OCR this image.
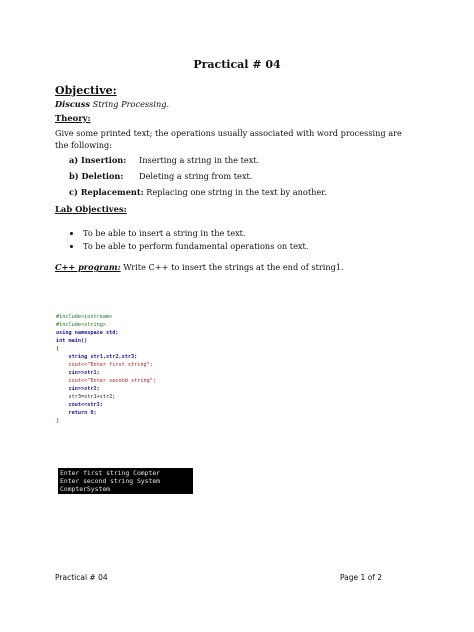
Practical # 04
Objective:
Discuss String Processing.
Theory:
Give some printed text; the operations usually associated with word processing are the following:
a) Insertion: Inserting a string in the text.
b) Deletion: Deleting a string from text.
c) Replacement: Replacing one string in the text by another.
Lab Objectives:
To be able to insert a string in the text.
To be able to perform fundamental operations on text.
C++ program: Write C++ to insert the strings at the end of string1.
#include<iostream>
#include<string>
using namespace std;
int main()
{
string str1,str2,str3;
cout<<"Enter first string";
cin>>str1;
cout<<"Enter second string";
cin>>str2;
str3=str1+str2;
cout<<str3;
return 0;
}
Enter first string Compter
Enter second string System
CompterSystem
Practical # 04	Page 1 of 2
